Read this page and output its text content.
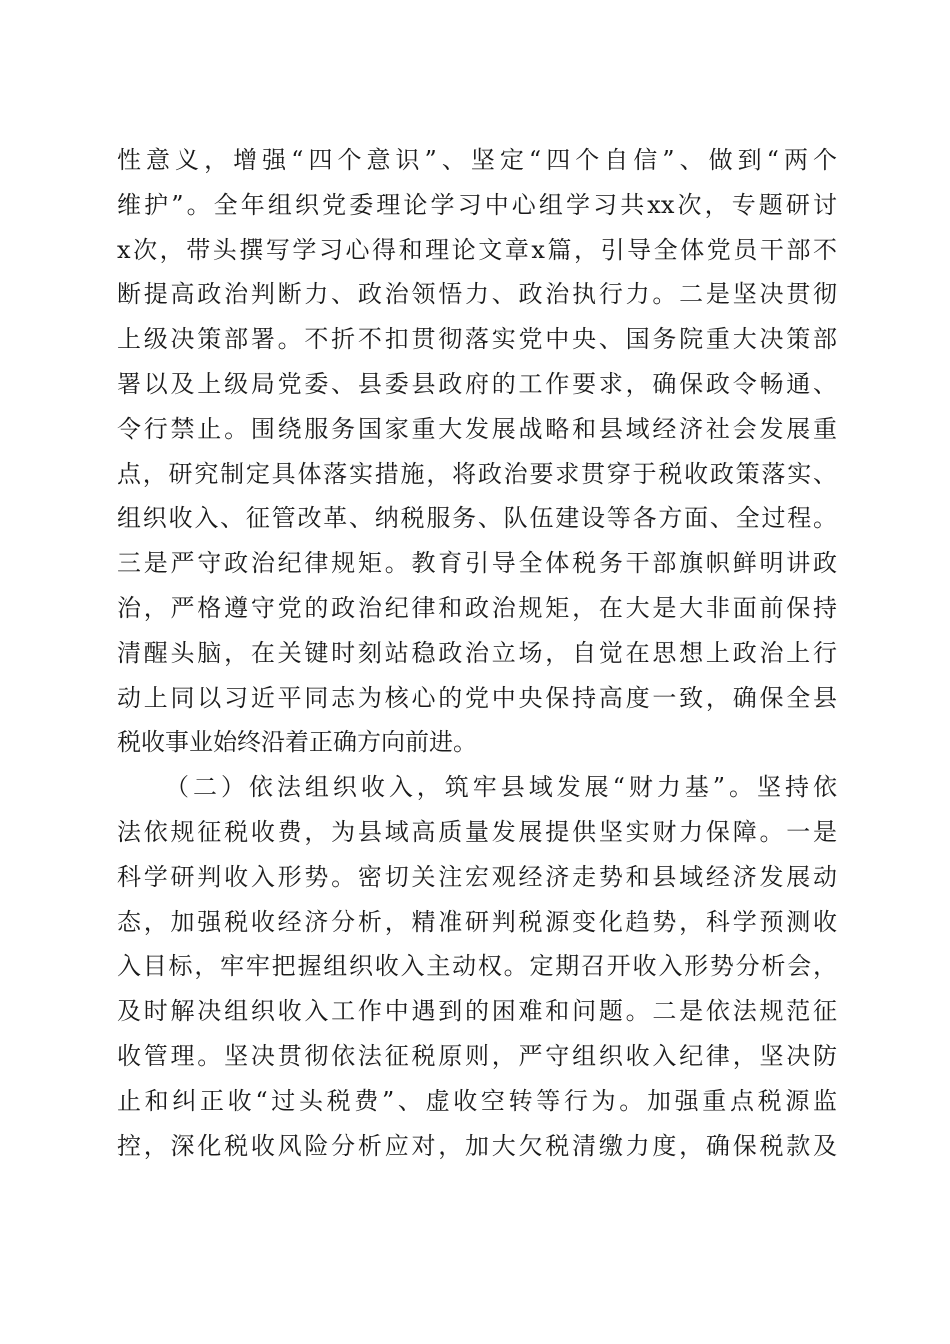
性意义，增强“四个意识”、坚定“四个自信”、做到“两个
维护”。全年组织党委理论学习中心组学习共xx次，专题研讨
x次，带头撰写学习心得和理论文章x篇，引导全体党员干部不
断提高政治判断力、政治领悟力、政治执行力。二是坚决贯彻
上级决策部署。不折不扣贯彻落实党中央、国务院重大决策部
署以及上级局党委、县委县政府的工作要求，确保政令畅通、
令行禁止。围绕服务国家重大发展战略和县域经济社会发展重
点，研究制定具体落实措施，将政治要求贯穿于税收政策落实、
组织收入、征管改革、纳税服务、队伍建设等各方面、全过程。
三是严守政治纪律规矩。教育引导全体税务干部旗帜鲜明讲政
治，严格遵守党的政治纪律和政治规矩，在大是大非面前保持
清醒头脑，在关键时刻站稳政治立场，自觉在思想上政治上行
动上同以习近平同志为核心的党中央保持高度一致，确保全县
税收事业始终沿着正确方向前进。
（二）依法组织收入，筑牢县域发展“财力基”。坚持依
法依规征税收费，为县域高质量发展提供坚实财力保障。一是
科学研判收入形势。密切关注宏观经济走势和县域经济发展动
态，加强税收经济分析，精准研判税源变化趋势，科学预测收
入目标，牢牢把握组织收入主动权。定期召开收入形势分析会，
及时解决组织收入工作中遇到的困难和问题。二是依法规范征
收管理。坚决贯彻依法征税原则，严守组织收入纪律，坚决防
止和纠正收“过头税费”、虚收空转等行为。加强重点税源监
控，深化税收风险分析应对，加大欠税清缴力度，确保税款及
